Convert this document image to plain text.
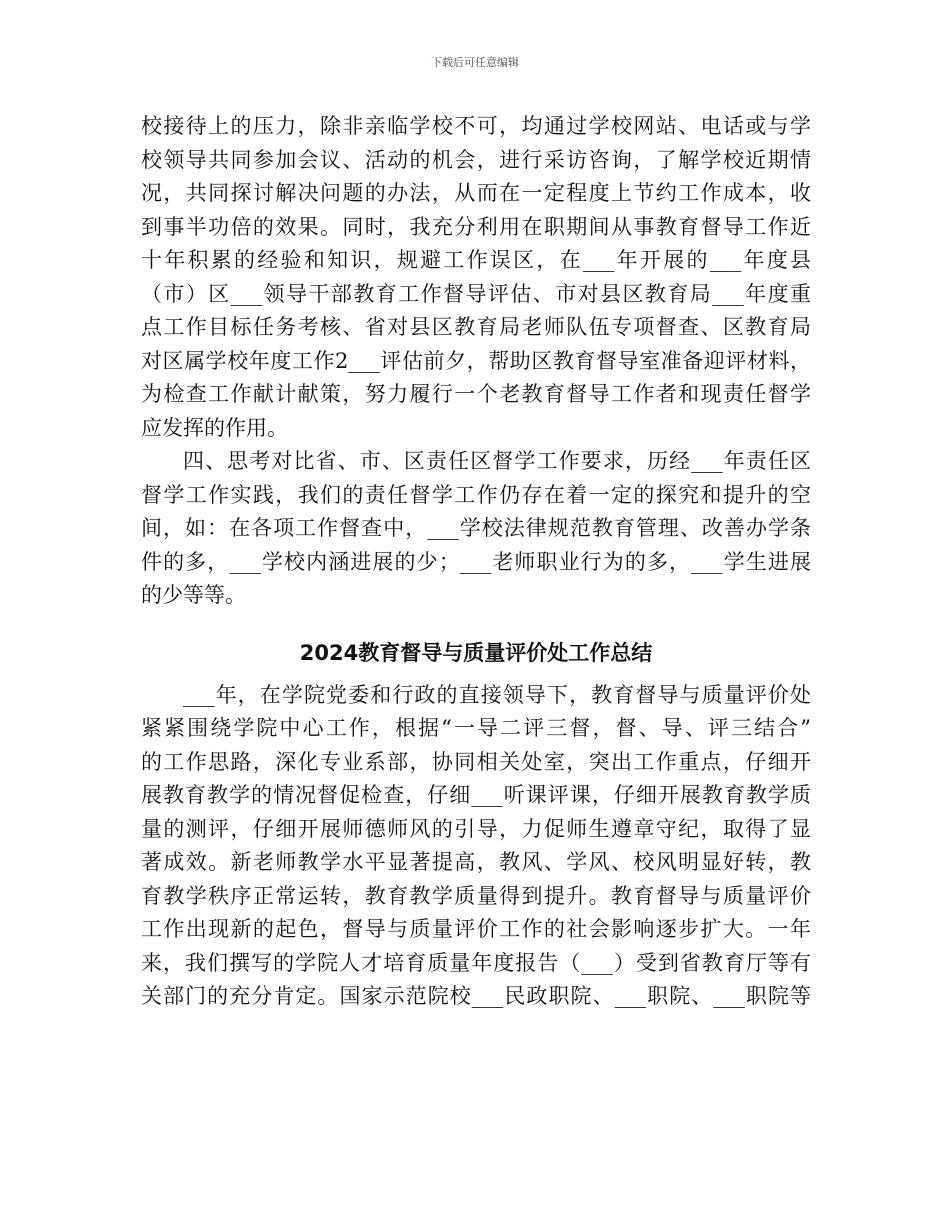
下载后可任意编辑
校接待上的压力，除非亲临学校不可，均通过学校网站、电话或与学
校领导共同参加会议、活动的机会，进行采访咨询，了解学校近期情
况，共同探讨解决问题的办法，从而在一定程度上节约工作成本，收
到事半功倍的效果。同时，我充分利用在职期间从事教育督导工作近
十年积累的经验和知识，规避工作误区，在___年开展的___年度县
（市）区___领导干部教育工作督导评估、市对县区教育局___年度重
点工作目标任务考核、省对县区教育局老师队伍专项督查、区教育局
对区属学校年度工作2___评估前夕，帮助区教育督导室准备迎评材料，
为检查工作献计献策，努力履行一个老教育督导工作者和现责任督学
应发挥的作用。
四、思考对比省、市、区责任区督学工作要求，历经___年责任区
督学工作实践，我们的责任督学工作仍存在着一定的探究和提升的空
间，如：在各项工作督查中，___学校法律规范教育管理、改善办学条
件的多，___学校内涵进展的少；___老师职业行为的多，___学生进展
的少等等。
2024教育督导与质量评价处工作总结
___年，在学院党委和行政的直接领导下，教育督导与质量评价处
紧紧围绕学院中心工作，根据“一导二评三督，督、导、评三结合”
的工作思路，深化专业系部，协同相关处室，突出工作重点，仔细开
展教育教学的情况督促检查，仔细___听课评课，仔细开展教育教学质
量的测评，仔细开展师德师风的引导，力促师生遵章守纪，取得了显
著成效。新老师教学水平显著提高，教风、学风、校风明显好转，教
育教学秩序正常运转，教育教学质量得到提升。教育督导与质量评价
工作出现新的起色，督导与质量评价工作的社会影响逐步扩大。一年
来，我们撰写的学院人才培育质量年度报告（___）受到省教育厅等有
关部门的充分肯定。国家示范院校___民政职院、___职院、___职院等
